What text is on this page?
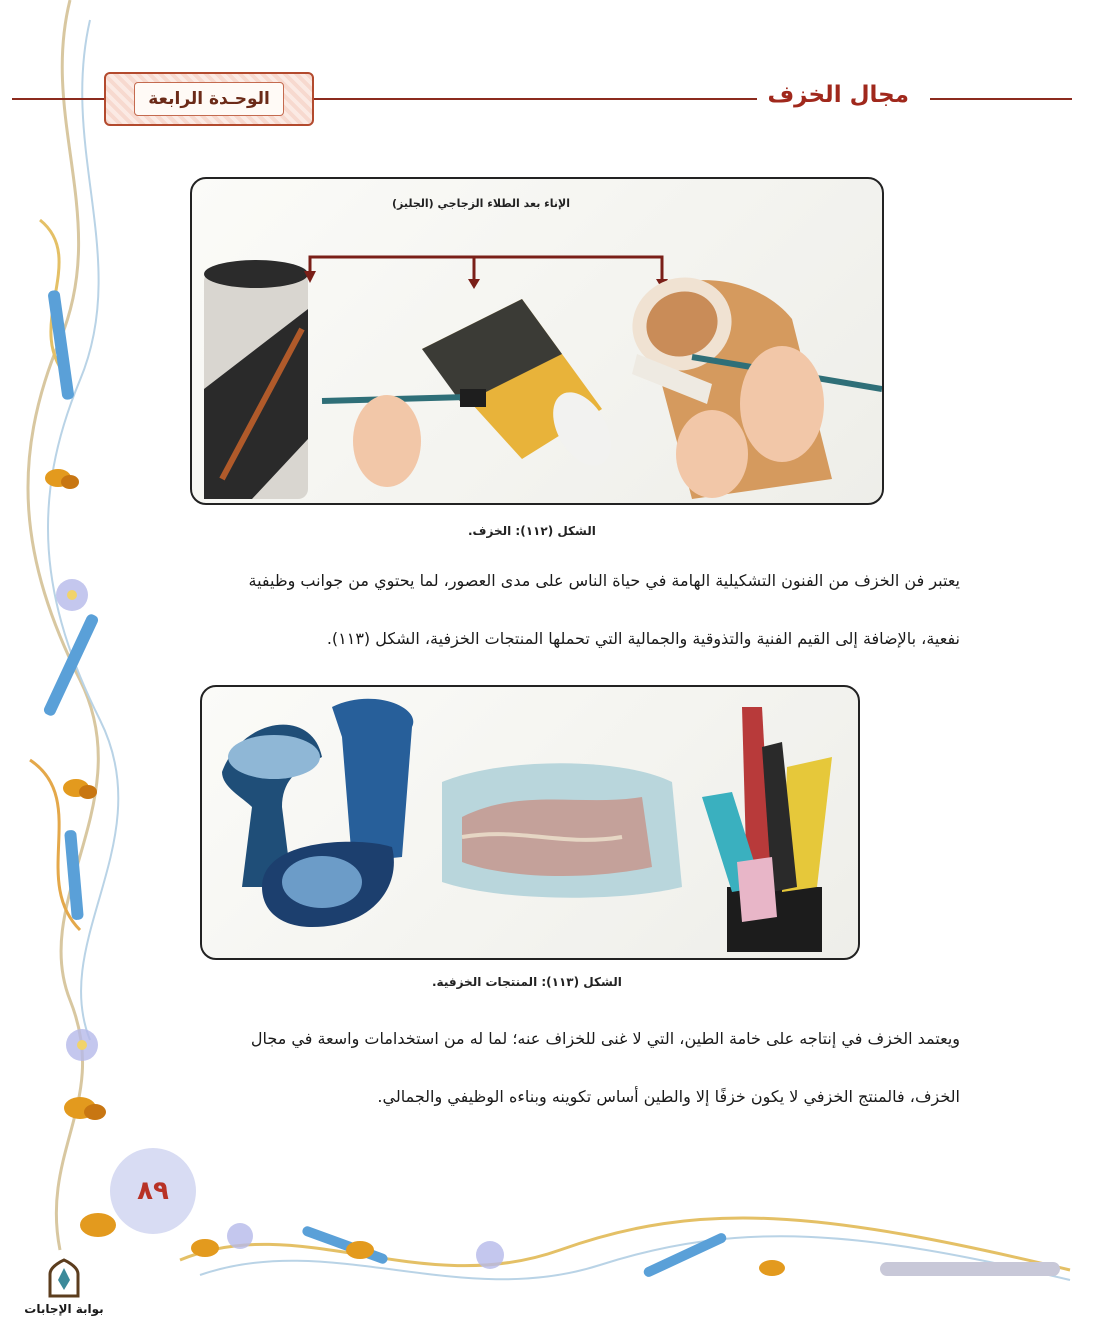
الوحـدة الرابعة	مجال الخزف
الإناء بعد الطلاء الزجاجي (الجليز)
الشكل (١١٢): الخزف.
يعتبر فن الخزف من الفنون التشكيلية الهامة في حياة الناس على مدى العصور، لما يحتوي من جوانب وظيفية
نفعية، بالإضافة إلى القيم الفنية والتذوقية والجمالية التي تحملها المنتجات الخزفية، الشكل (١١٣).
الشكل (١١٣): المنتجات الخزفية.
ويعتمد الخزف في إنتاجه على خامة الطين، التي لا غنى للخزاف عنه؛ لما له من استخدامات واسعة في مجال
الخزف، فالمنتج الخزفي لا يكون خزفًا إلا والطين أساس تكوينه وبناءه الوظيفي والجمالي.
٨٩
بوابة الإجابات
